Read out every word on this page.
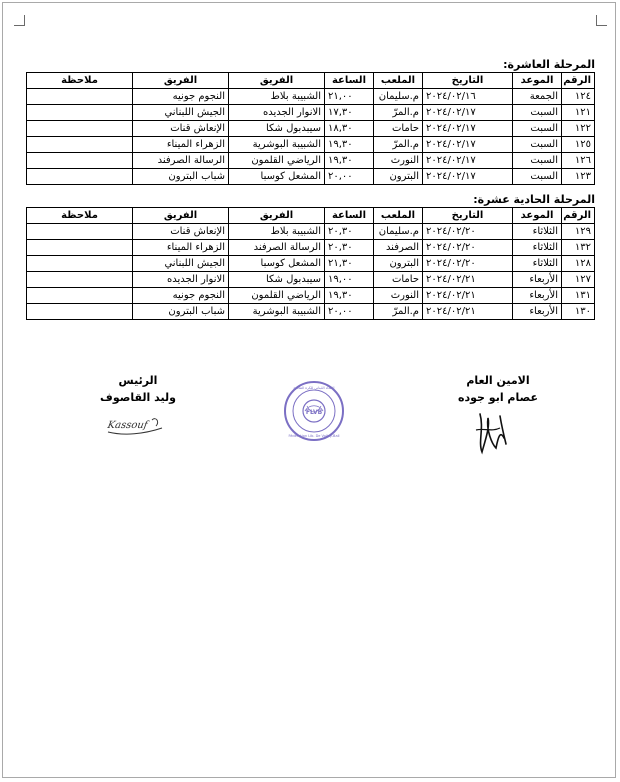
المرحلة العاشرة:
الرقم	الموعد	التاريخ	الملعب	الساعة	الفريق	الفريق	ملاحظة
١٢٤	الجمعة	٢٠٢٤/٠٢/١٦	م.سليمان	٢١,٠٠	الشبيبة بلاط	النجوم جونيه	
١٢١	السبت	٢٠٢٤/٠٢/١٧	م.المرّ	١٧,٣٠	الانوار الجديده	الجيش اللبناني	
١٢٢	السبت	٢٠٢٤/٠٢/١٧	حامات	١٨,٣٠	سيبدبول شكا	الإنعاش قنات	
١٢٥	السبت	٢٠٢٤/٠٢/١٧	م.المرّ	١٩,٣٠	الشبيبة البوشرية	الزهراء الميناء	
١٢٦	السبت	٢٠٢٤/٠٢/١٧	النورث	١٩,٣٠	الرياضي القلمون	الرسالة الصرفند	
١٢٣	السبت	٢٠٢٤/٠٢/١٧	البترون	٢٠,٠٠	المشعل كوسبا	شباب البترون	
المرحلة الحادية عشرة:
الرقم	الموعد	التاريخ	الملعب	الساعة	الفريق	الفريق	ملاحظة
١٢٩	الثلاثاء	٢٠٢٤/٠٢/٢٠	م.سليمان	٢٠,٣٠	الشبيبة بلاط	الإنعاش قنات	
١٣٢	الثلاثاء	٢٠٢٤/٠٢/٢٠	الصرفند	٢٠,٣٠	الرسالة الصرفند	الزهراء الميناء	
١٢٨	الثلاثاء	٢٠٢٤/٠٢/٢٠	البترون	٢١,٣٠	المشعل كوسبا	الجيش اللبناني	
١٢٧	الأربعاء	٢٠٢٤/٠٢/٢١	حامات	١٩,٠٠	سيبدبول شكا	الانوار الجديده	
١٣١	الأربعاء	٢٠٢٤/٠٢/٢١	النورث	١٩,٣٠	الرياضي القلمون	النجوم جونيه	
١٣٠	الأربعاء	٢٠٢٤/٠٢/٢١	م.المرّ	٢٠,٠٠	الشبيبة البوشرية	شباب البترون	
الامين العام
عصام ابو جوده
الرئيس
وليد القاصوف
Kassouf
FLVB
الاتحاد اللبناني للكرة الطائرة
Fédération Lib. De Volley-Ball
